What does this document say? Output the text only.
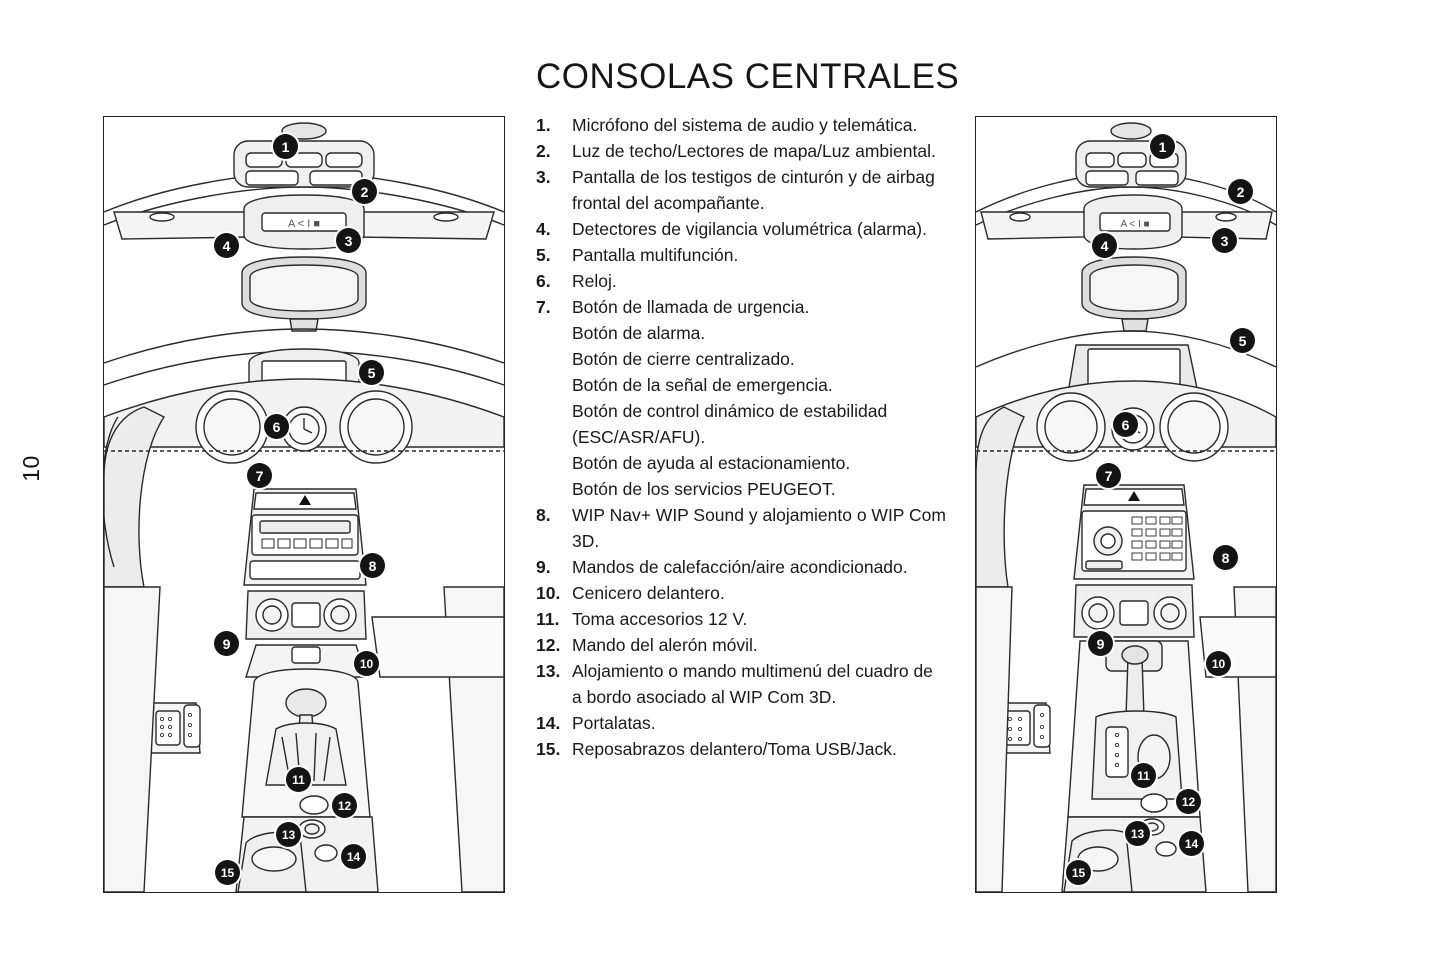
10
CONSOLAS CENTRALES
A < I ■
1
2
3
4
5
6
7
8
9
10
11
12
13
14
15
A < I ■
1
2
3
4
5
6
7
8
9
10
11
12
13
14
15
1.	Micrófono del sistema de audio y telemática.
2.	Luz de techo/Lectores de mapa/Luz ambiental.
3.	Pantalla de los testigos de cinturón y de airbag frontal del acompañante.
4.	Detectores de vigilancia volumétrica (alarma).
5.	Pantalla multifunción.
6.	Reloj.
7.	Botón de llamada de urgencia.
Botón de alarma.
Botón de cierre centralizado.
Botón de la señal de emergencia.
Botón de control dinámico de estabilidad (ESC/ASR/AFU).
Botón de ayuda al estacionamiento.
Botón de los servicios PEUGEOT.
8.	WIP Nav+ WIP Sound y alojamiento o WIP Com 3D.
9.	Mandos de calefacción/aire acondicionado.
10. Cenicero delantero.
11. Toma accesorios 12 V.
12. Mando del alerón móvil.
13. Alojamiento o mando multimenú del cuadro de a bordo asociado al WIP Com 3D.
14. Portalatas.
15. Reposabrazos delantero/Toma USB/Jack.
